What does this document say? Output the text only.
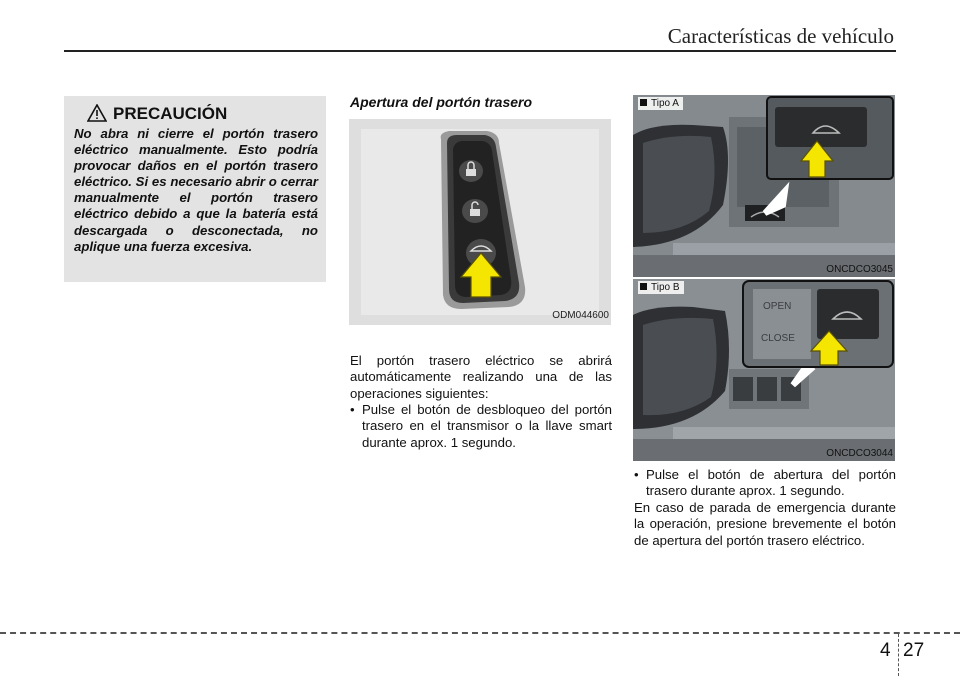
Características de vehículo
PRECAUCIÓN
No abra ni cierre el portón trasero eléctrico manualmente. Esto podría provocar daños en el portón trasero eléctrico. Si es necesario abrir o cerrar manualmente el portón trasero eléctrico debido a que la batería está descargada o desconectada, no aplique una fuerza excesiva.
Apertura del portón trasero
ODM044600
El portón trasero eléctrico se abrirá automáticamente realizando una de las operaciones siguientes:
• Pulse el botón de desbloqueo del portón trasero en el transmisor o la llave smart durante aprox. 1 segundo.
Tipo A
ONCDCO3045
OPEN
CLOSE
Tipo B
ONCDCO3044
• Pulse el botón de abertura del portón trasero durante aprox. 1 segundo.
En caso de parada de emergencia durante la operación, presione brevemente el botón de apertura del portón trasero eléctrico.
4 27
